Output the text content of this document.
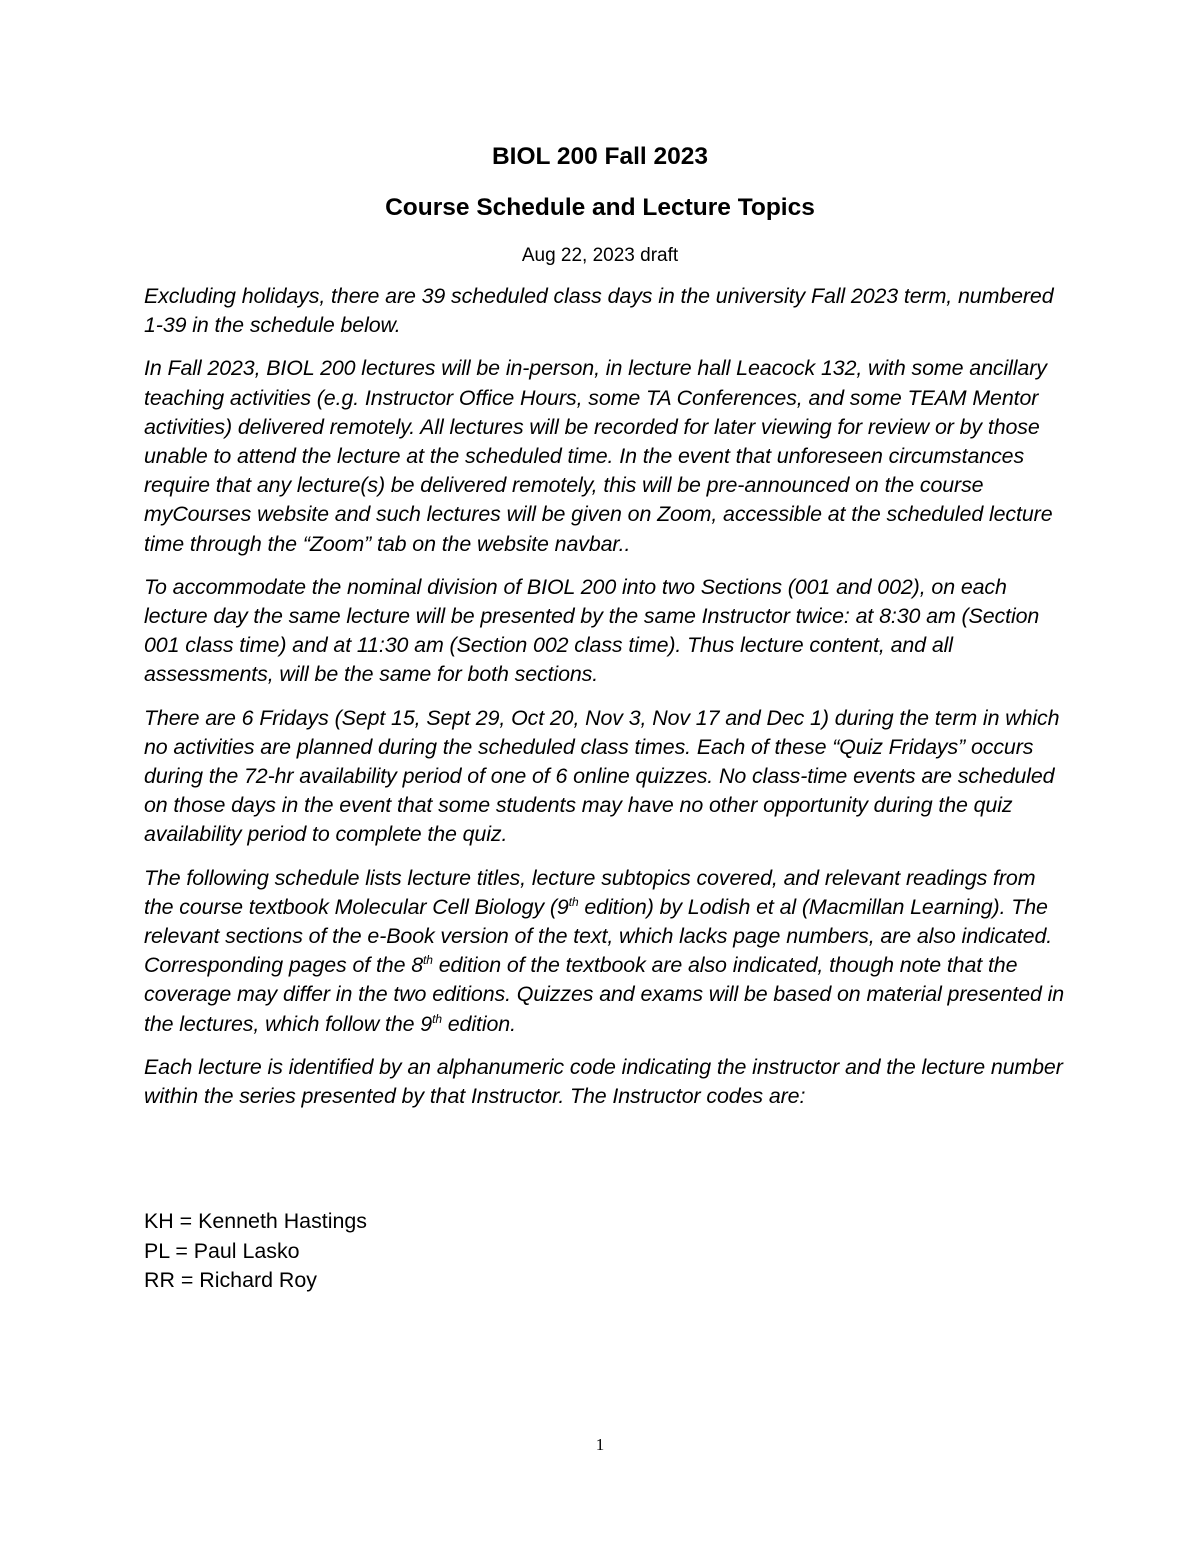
BIOL 200 Fall 2023
Course Schedule and Lecture Topics

Aug 22, 2023 draft

Excluding holidays, there are 39 scheduled class days in the university Fall 2023 term, numbered 1-39 in the schedule below.

In Fall 2023, BIOL 200 lectures will be in-person, in lecture hall Leacock 132, with some ancillary teaching activities (e.g. Instructor Office Hours, some TA Conferences, and some TEAM Mentor activities) delivered remotely. All lectures will be recorded for later viewing for review or by those unable to attend the lecture at the scheduled time. In the event that unforeseen circumstances require that any lecture(s) be delivered remotely, this will be pre-announced on the course myCourses website and such lectures will be given on Zoom, accessible at the scheduled lecture time through the “Zoom” tab on the website navbar..

To accommodate the nominal division of BIOL 200 into two Sections (001 and 002), on each lecture day the same lecture will be presented by the same Instructor twice: at 8:30 am (Section 001 class time) and at 11:30 am (Section 002 class time). Thus lecture content, and all assessments, will be the same for both sections.

There are 6 Fridays (Sept 15, Sept 29, Oct 20, Nov 3, Nov 17 and Dec 1) during the term in which no activities are planned during the scheduled class times. Each of these “Quiz Fridays” occurs during the 72-hr availability period of one of 6 online quizzes. No class-time events are scheduled on those days in the event that some students may have no other opportunity during the quiz availability period to complete the quiz.

The following schedule lists lecture titles, lecture subtopics covered, and relevant readings from the course textbook Molecular Cell Biology (9th edition) by Lodish et al (Macmillan Learning). The relevant sections of the e-Book version of the text, which lacks page numbers, are also indicated. Corresponding pages of the 8th edition of the textbook are also indicated, though note that the coverage may differ in the two editions. Quizzes and exams will be based on material presented in the lectures, which follow the 9th edition.

Each lecture is identified by an alphanumeric code indicating the instructor and the lecture number within the series presented by that Instructor. The Instructor codes are:

KH = Kenneth Hastings
PL = Paul Lasko
RR = Richard Roy

1
